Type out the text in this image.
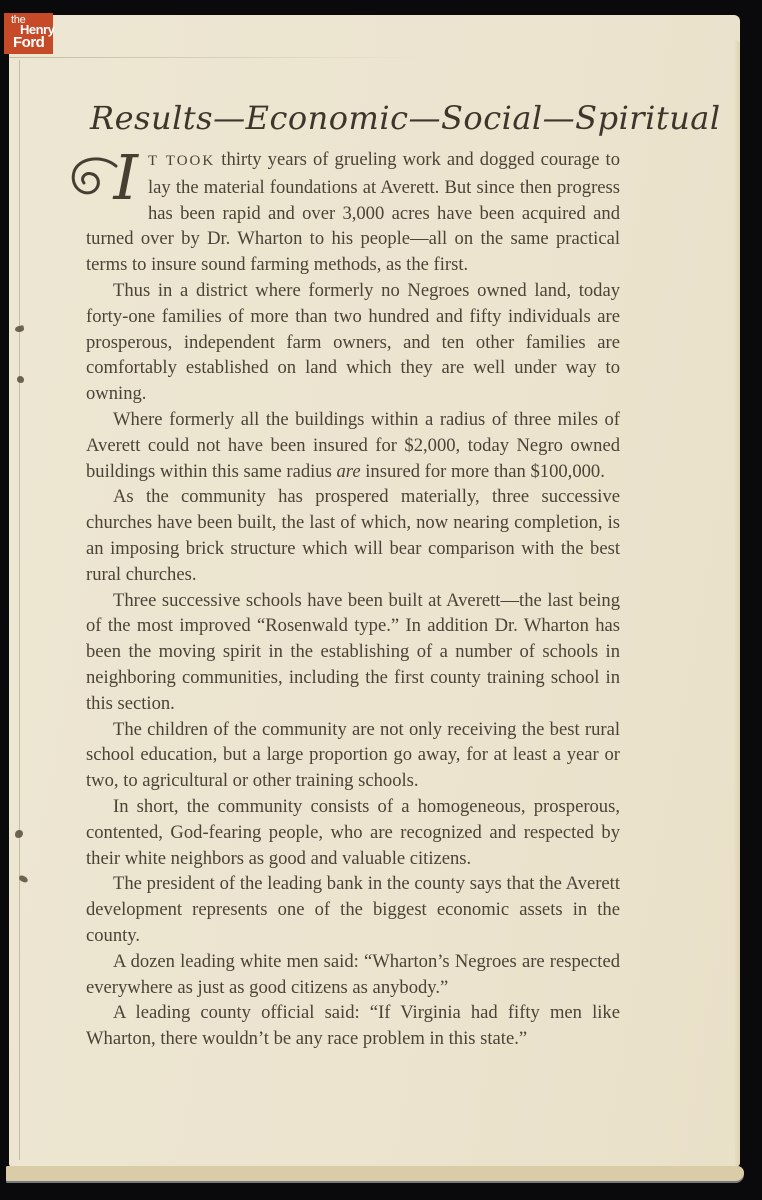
the
Henry
Ford
Results—Economic—Social—Spiritual

I T TOOK thirty years of grueling work and dogged courage to lay the material foundations at Averett. But since then progress has been rapid and over 3,000 acres have been acquired and turned over by Dr. Wharton to his people—all on the same practical terms to insure sound farming methods, as the first.

Thus in a district where formerly no Negroes owned land, today forty-one families of more than two hundred and fifty individuals are prosperous, independent farm owners, and ten other families are comfortably established on land which they are well under way to owning.

Where formerly all the buildings within a radius of three miles of Averett could not have been insured for $2,000, today Negro owned buildings within this same radius are insured for more than $100,000.

As the community has prospered materially, three successive churches have been built, the last of which, now nearing completion, is an imposing brick structure which will bear comparison with the best rural churches.

Three successive schools have been built at Averett—the last being of the most improved “Rosenwald type.” In addition Dr. Wharton has been the moving spirit in the establishing of a number of schools in neighboring communities, including the first county training school in this section.

The children of the community are not only receiving the best rural school education, but a large proportion go away, for at least a year or two, to agricultural or other training schools.

In short, the community consists of a homogeneous, prosperous, contented, God-fearing people, who are recognized and respected by their white neighbors as good and valuable citizens.

The president of the leading bank in the county says that the Averett development represents one of the biggest economic assets in the county.

A dozen leading white men said: “Wharton’s Negroes are respected everywhere as just as good citizens as anybody.”

A leading county official said: “If Virginia had fifty men like Wharton, there wouldn’t be any race problem in this state.”
